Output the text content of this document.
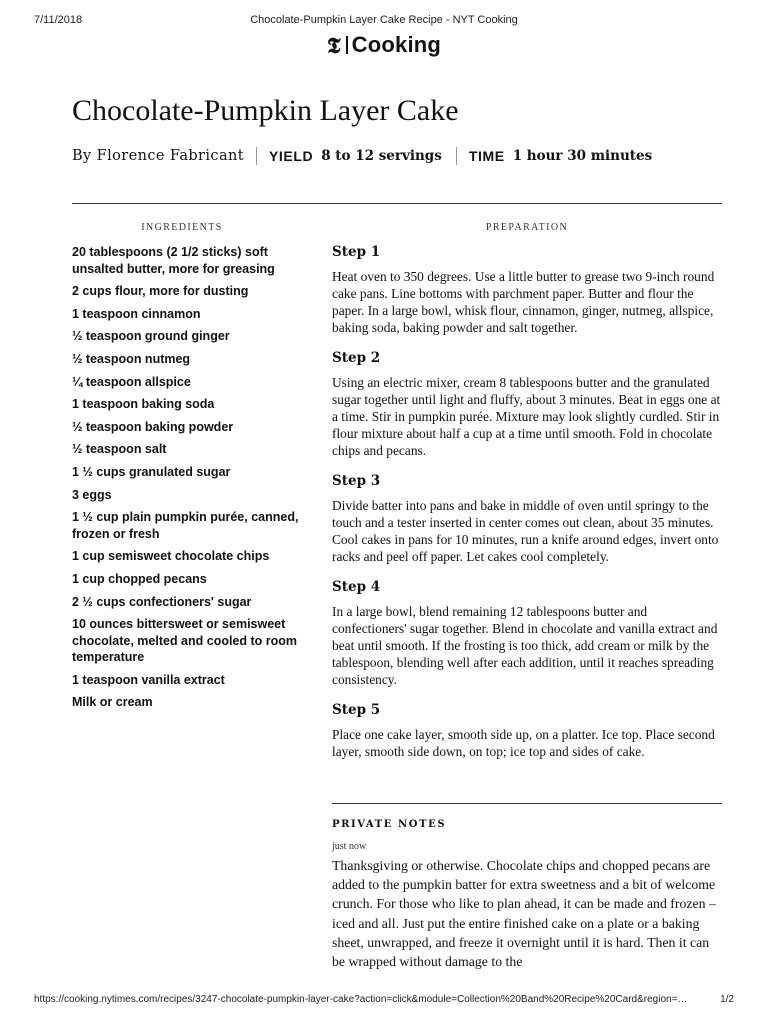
7/11/2018	Chocolate-Pumpkin Layer Cake Recipe - NYT Cooking
𝕿 Cooking
Chocolate-Pumpkin Layer Cake
By Florence Fabricant YIELD 8 to 12 servings TIME 1 hour 30 minutes
INGREDIENTS	PREPARATION
20 tablespoons (2 1/2 sticks) soft unsalted butter, more for greasing
2 cups flour, more for dusting
1 teaspoon cinnamon
½ teaspoon ground ginger
½ teaspoon nutmeg
¼ teaspoon allspice
1 teaspoon baking soda
½ teaspoon baking powder
½ teaspoon salt
1 ½ cups granulated sugar
3 eggs
1 ½ cup plain pumpkin purée, canned, frozen or fresh
1 cup semisweet chocolate chips
1 cup chopped pecans
2 ½ cups confectioners' sugar
10 ounces bittersweet or semisweet chocolate, melted and cooled to room temperature
1 teaspoon vanilla extract
Milk or cream

Step 1

Heat oven to 350 degrees. Use a little butter to grease two 9-inch round cake pans. Line bottoms with parchment paper. Butter and flour the paper. In a large bowl, whisk flour, cinnamon, ginger, nutmeg, allspice, baking soda, baking powder and salt together.

Step 2

Using an electric mixer, cream 8 tablespoons butter and the granulated sugar together until light and fluffy, about 3 minutes. Beat in eggs one at a time. Stir in pumpkin purée. Mixture may look slightly curdled. Stir in flour mixture about half a cup at a time until smooth. Fold in chocolate chips and pecans.

Step 3

Divide batter into pans and bake in middle of oven until springy to the touch and a tester inserted in center comes out clean, about 35 minutes. Cool cakes in pans for 10 minutes, run a knife around edges, invert onto racks and peel off paper. Let cakes cool completely.

Step 4

In a large bowl, blend remaining 12 tablespoons butter and confectioners' sugar together. Blend in chocolate and vanilla extract and beat until smooth. If the frosting is too thick, add cream or milk by the tablespoon, blending well after each addition, until it reaches spreading consistency.

Step 5

Place one cake layer, smooth side up, on a platter. Ice top. Place second layer, smooth side down, on top; ice top and sides of cake.

PRIVATE NOTES
just now

Thanksgiving or otherwise. Chocolate chips and chopped pecans are added to the pumpkin batter for extra sweetness and a bit of welcome crunch. For those who like to plan ahead, it can be made and frozen – iced and all. Just put the entire finished cake on a plate or a baking sheet, unwrapped, and freeze it overnight until it is hard. Then it can be wrapped without damage to the

https://cooking.nytimes.com/recipes/3247-chocolate-pumpkin-layer-cake?action=click&module=Collection%20Band%20Recipe%20Card&region=…	1/2
